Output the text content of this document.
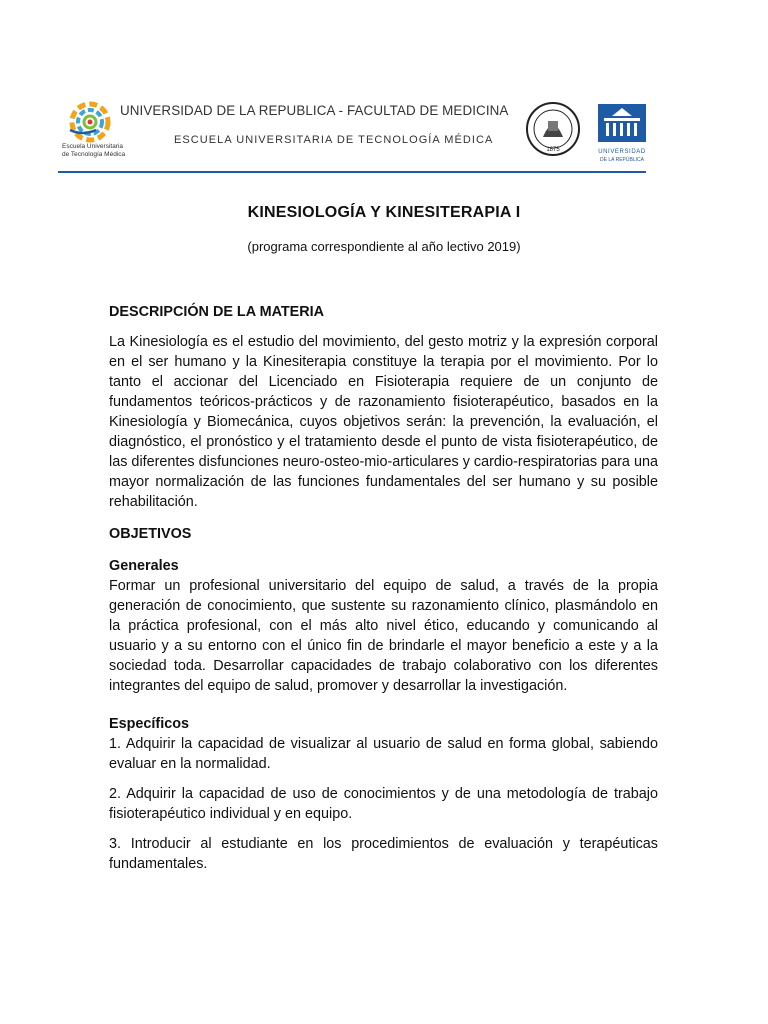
Escuela Universitaria
de Tecnología Médica
UNIVERSIDAD DE LA REPUBLICA - FACULTAD DE MEDICINA
ESCUELA UNIVERSITARIA DE TECNOLOGÍA MÉDICA
1875	UNIVERSIDAD
DE LA REPÚBLICA
KINESIOLOGÍA Y KINESITERAPIA I
(programa correspondiente al año lectivo 2019)
DESCRIPCIÓN DE LA MATERIA
La Kinesiología es el estudio del movimiento, del gesto motriz y la expresión corporal en el ser humano y la Kinesiterapia constituye la terapia por el movimiento. Por lo tanto el accionar del Licenciado en Fisioterapia requiere de un conjunto de fundamentos teóricos-prácticos y de razonamiento fisioterapéutico, basados en la Kinesiología y Biomecánica, cuyos objetivos serán: la prevención, la evaluación, el diagnóstico, el pronóstico y el tratamiento desde el punto de vista fisioterapéutico, de las diferentes disfunciones neuro-osteo-mio-articulares y cardio-respiratorias para una mayor normalización de las funciones fundamentales del ser humano y su posible rehabilitación.
OBJETIVOS
Generales
Formar un profesional universitario del equipo de salud, a través de la propia generación de conocimiento, que sustente su razonamiento clínico, plasmándolo en la práctica profesional, con el más alto nivel ético, educando y comunicando al usuario y a su entorno con el único fin de brindarle el mayor beneficio a este y a la sociedad toda. Desarrollar capacidades de trabajo colaborativo con los diferentes integrantes del equipo de salud, promover y desarrollar la investigación.
Específicos
1. Adquirir la capacidad de visualizar al usuario de salud en forma global, sabiendo evaluar en la normalidad.
2. Adquirir la capacidad de uso de conocimientos y de una metodología de trabajo fisioterapéutico individual y en equipo.
3. Introducir al estudiante en los procedimientos de evaluación y terapéuticas fundamentales.
